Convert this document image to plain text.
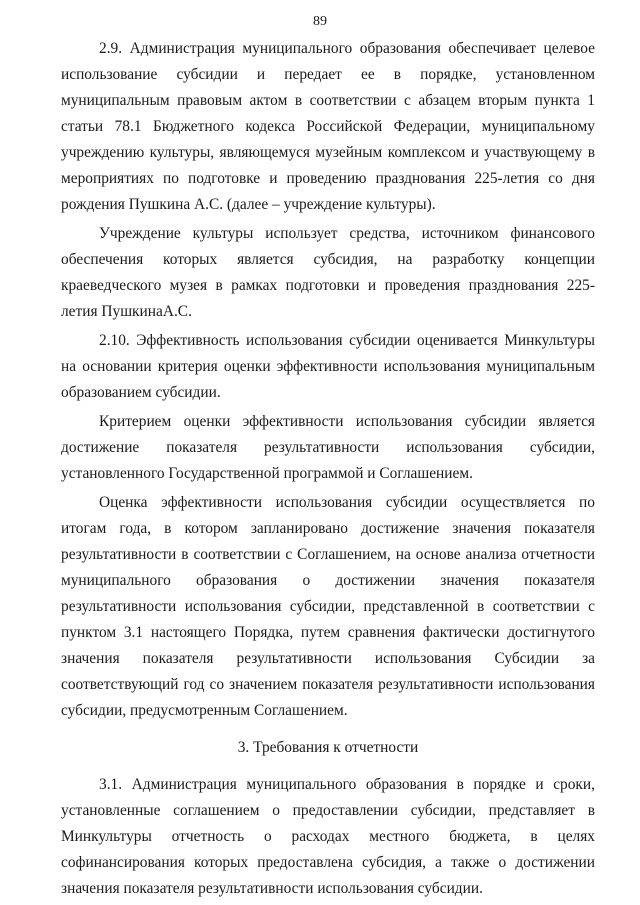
89

2.9. Администрация муниципального образования обеспечивает целевое использование субсидии и передает ее в порядке, установленном муниципальным правовым актом в соответствии с абзацем вторым пункта 1 статьи 78.1 Бюджетного кодекса Российской Федерации, муниципальному учреждению культуры, являющемуся музейным комплексом и участвующему в мероприятиях по подготовке и проведению празднования 225-летия со дня рождения Пушкина А.С. (далее – учреждение культуры).

Учреждение культуры использует средства, источником финансового обеспечения которых является субсидия, на разработку концепции краеведческого музея в рамках подготовки и проведения празднования 225-летия ПушкинаА.С.

2.10. Эффективность использования субсидии оценивается Минкультуры на основании критерия оценки эффективности использования муниципальным образованием субсидии.

Критерием оценки эффективности использования субсидии является достижение показателя результативности использования субсидии, установленного Государственной программой и Соглашением.

Оценка эффективности использования субсидии осуществляется по итогам года, в котором запланировано достижение значения показателя результативности в соответствии с Соглашением, на основе анализа отчетности муниципального образования о достижении значения показателя результативности использования субсидии, представленной в соответствии с пунктом 3.1 настоящего Порядка, путем сравнения фактически достигнутого значения показателя результативности использования Субсидии за соответствующий год со значением показателя результативности использования субсидии, предусмотренным Соглашением.

3. Требования к отчетности

3.1. Администрация муниципального образования в порядке и сроки, установленные соглашением о предоставлении субсидии, представляет в Минкультуры отчетность о расходах местного бюджета, в целях софинансирования которых предоставлена субсидия, а также о достижении значения показателя результативности использования субсидии.
